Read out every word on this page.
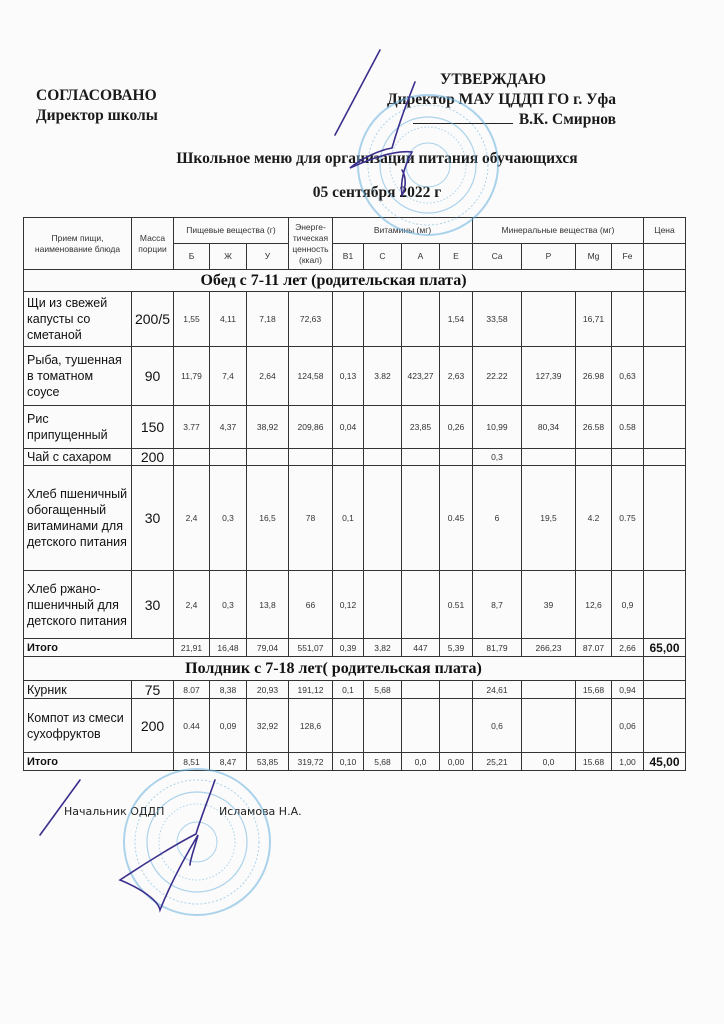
СОГЛАСОВАНО
Директор школы
УТВЕРЖДАЮ
Директор МАУ ЦДДП ГО г. Уфа
В.К. Смирнов
Школьное меню для организации питания обучающихся
05 сентября 2022 г
Прием пищи, наименование блюда	Масса порции	Пищевые вещества (г)			Энерге-тическая ценность (ккал)	Витамины (мг)				Минеральные вещества (мг)				Цена
		Б	Ж	У		B1	C	A	E	Ca	P	Mg	Fe	
Обед с 7-11 лет (родительская плата)														
Щи из свежей капусты со сметаной	200/5	1,55	4,11	7,18	72,63				1,54	33,58		16,71		
Рыба, тушенная в томатном соусе	90	11,79	7,4	2,64	124,58	0,13	3.82	423,27	2,63	22.22	127,39	26.98	0,63	
Рис припущенный	150	3.77	4,37	38,92	209,86	0,04		23,85	0,26	10,99	80,34	26.58	0.58	
Чай с сахаром	200									0,3				
Хлеб пшеничный обогащенный витаминами для детского питания	30	2,4	0,3	16,5	78	0,1			0.45	6	19,5	4.2	0.75	
Хлеб ржано-пшеничный для детского питания	30	2,4	0,3	13,8	66	0,12			0.51	8,7	39	12,6	0,9	
Итого		21,91	16,48	79,04	551,07	0,39	3,82	447	5,39	81,79	266,23	87.07	2,66	65,00
Полдник с 7-18 лет( родительская плата)														
Курник	75	8.07	8,38	20,93	191,12	0,1	5,68			24,61		15,68	0,94	
Компот из смеси сухофруктов	200	0.44	0,09	32,92	128,6					0,6			0,06	
Итого		8,51	8,47	53,85	319,72	0,10	5,68	0,0	0,00	25,21	0,0	15.68	1,00	45,00
Начальник ОДДП	Исламова Н.А.
